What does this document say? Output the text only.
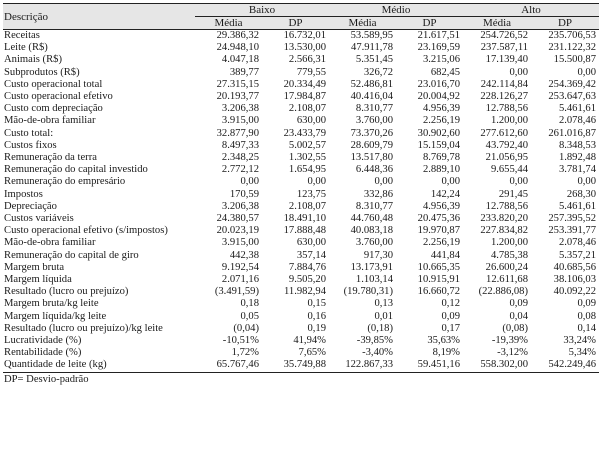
Descrição	Baixo		Médio		Alto	
	Média	DP	Média	DP	Média	DP
Receitas	29.386,32	16.732,01	53.589,95	21.617,51	254.726,52	235.706,53
Leite (R$)	24.948,10	13.530,00	47.911,78	23.169,59	237.587,11	231.122,32
Animais (R$)	4.047,18	2.566,31	5.351,45	3.215,06	17.139,40	15.500,87
Subprodutos (R$)	389,77	779,55	326,72	682,45	0,00	0,00
Custo operacional total	27.315,15	20.334,49	52.486,81	23.016,70	242.114,84	254.369,42
Custo operacional efetivo	20.193,77	17.984,87	40.416,04	20.004,92	228.126,27	253.647,63
Custo com depreciação	3.206,38	2.108,07	8.310,77	4.956,39	12.788,56	5.461,61
Mão-de-obra familiar	3.915,00	630,00	3.760,00	2.256,19	1.200,00	2.078,46
Custo total:	32.877,90	23.433,79	73.370,26	30.902,60	277.612,60	261.016,87
Custos fixos	8.497,33	5.002,57	28.609,79	15.159,04	43.792,40	8.348,53
Remuneração da terra	2.348,25	1.302,55	13.517,80	8.769,78	21.056,95	1.892,48
Remuneração do capital investido	2.772,12	1.654,95	6.448,36	2.889,10	9.655,44	3.781,74
Remuneração do empresário	0,00	0,00	0,00	0,00	0,00	0,00
Impostos	170,59	123,75	332,86	142,24	291,45	268,30
Depreciação	3.206,38	2.108,07	8.310,77	4.956,39	12.788,56	5.461,61
Custos variáveis	24.380,57	18.491,10	44.760,48	20.475,36	233.820,20	257.395,52
Custo operacional efetivo (s/impostos)	20.023,19	17.888,48	40.083,18	19.970,87	227.834,82	253.391,77
Mão-de-obra familiar	3.915,00	630,00	3.760,00	2.256,19	1.200,00	2.078,46
Remuneração do capital de giro	442,38	357,14	917,30	441,84	4.785,38	5.357,21
Margem bruta	9.192,54	7.884,76	13.173,91	10.665,35	26.600,24	40.685,56
Margem líquida	2.071,16	9.505,20	1.103,14	10.915,91	12.611,68	38.106,03
Resultado (lucro ou prejuízo)	(3.491,59)	11.982,94	(19.780,31)	16.660,72	(22.886,08)	40.092,22
Margem bruta/kg leite	0,18	0,15	0,13	0,12	0,09	0,09
Margem líquida/kg leite	0,05	0,16	0,01	0,09	0,04	0,08
Resultado (lucro ou prejuízo)/kg leite	(0,04)	0,19	(0,18)	0,17	(0,08)	0,14
Lucratividade (%)	-10,51%	41,94%	-39,85%	35,63%	-19,39%	33,24%
Rentabilidade (%)	1,72%	7,65%	-3,40%	8,19%	-3,12%	5,34%
Quantidade de leite (kg)	65.767,46	35.749,88	122.867,33	59.451,16	558.302,00	542.249,46
DP= Desvio-padrão
